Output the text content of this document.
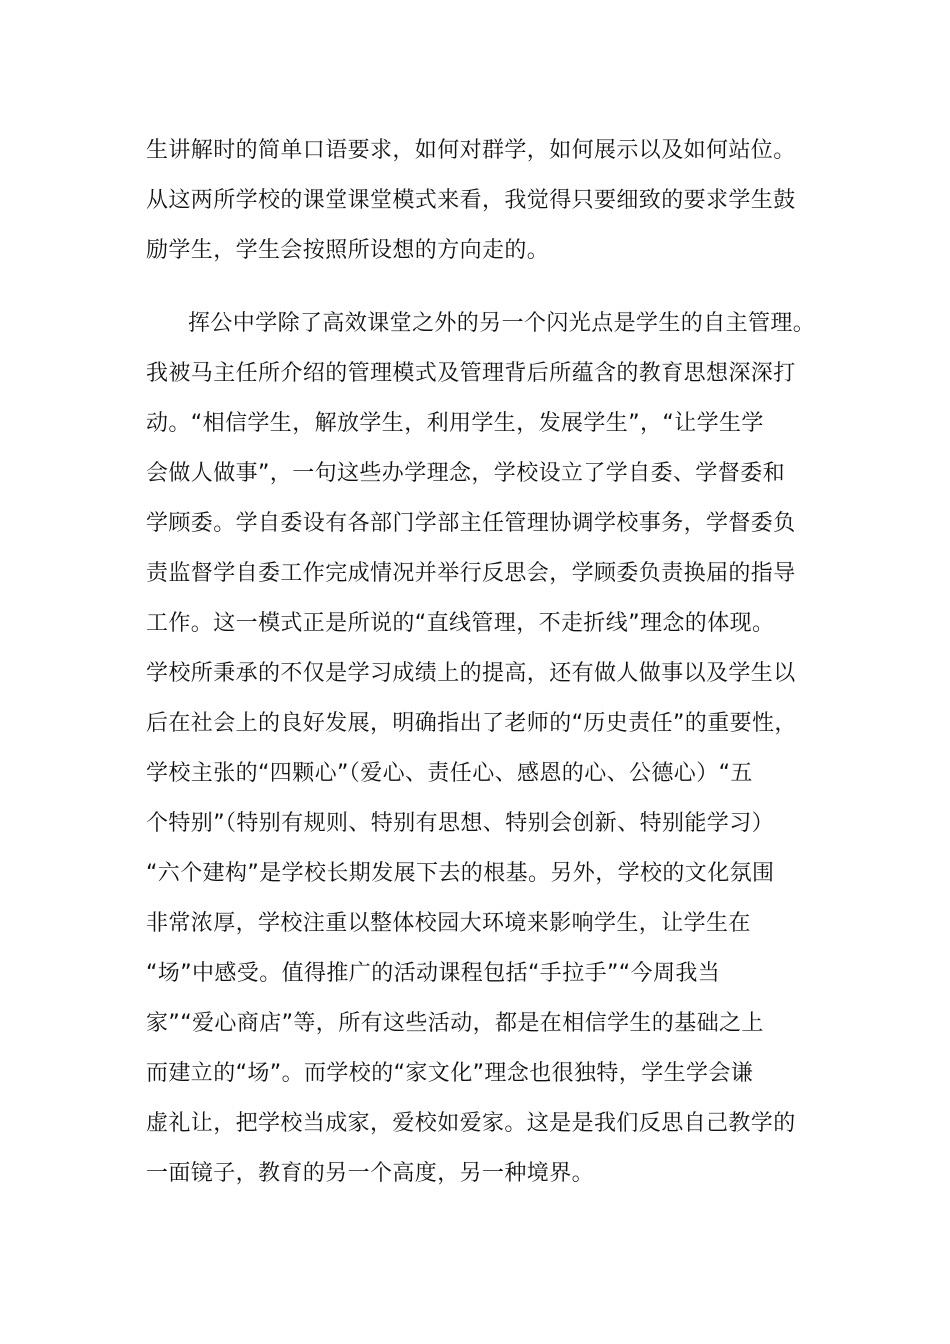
生讲解时的简单口语要求，如何对群学，如何展示以及如何站位。
从这两所学校的课堂课堂模式来看，我觉得只要细致的要求学生鼓
励学生，学生会按照所设想的方向走的。
挥公中学除了高效课堂之外的另一个闪光点是学生的自主管理。
我被马主任所介绍的管理模式及管理背后所蕴含的教育思想深深打
动。“相信学生，解放学生，利用学生，发展学生”，“让学生学
会做人做事”，一句这些办学理念，学校设立了学自委、学督委和
学顾委。学自委设有各部门学部主任管理协调学校事务，学督委负
责监督学自委工作完成情况并举行反思会，学顾委负责换届的指导
工作。这一模式正是所说的“直线管理，不走折线”理念的体现。
学校所秉承的不仅是学习成绩上的提高，还有做人做事以及学生以
后在社会上的良好发展，明确指出了老师的“历史责任”的重要性，
学校主张的“四颗心”（爱心、责任心、感恩的心、公德心）“五
个特别”（特别有规则、特别有思想、特别会创新、特别能学习）
“六个建构”是学校长期发展下去的根基。另外，学校的文化氛围
非常浓厚，学校注重以整体校园大环境来影响学生，让学生在
“场”中感受。值得推广的活动课程包括“手拉手”“今周我当
家”“爱心商店”等，所有这些活动，都是在相信学生的基础之上
而建立的“场”。而学校的“家文化”理念也很独特，学生学会谦
虚礼让，把学校当成家，爱校如爱家。这是是我们反思自己教学的
一面镜子，教育的另一个高度，另一种境界。
